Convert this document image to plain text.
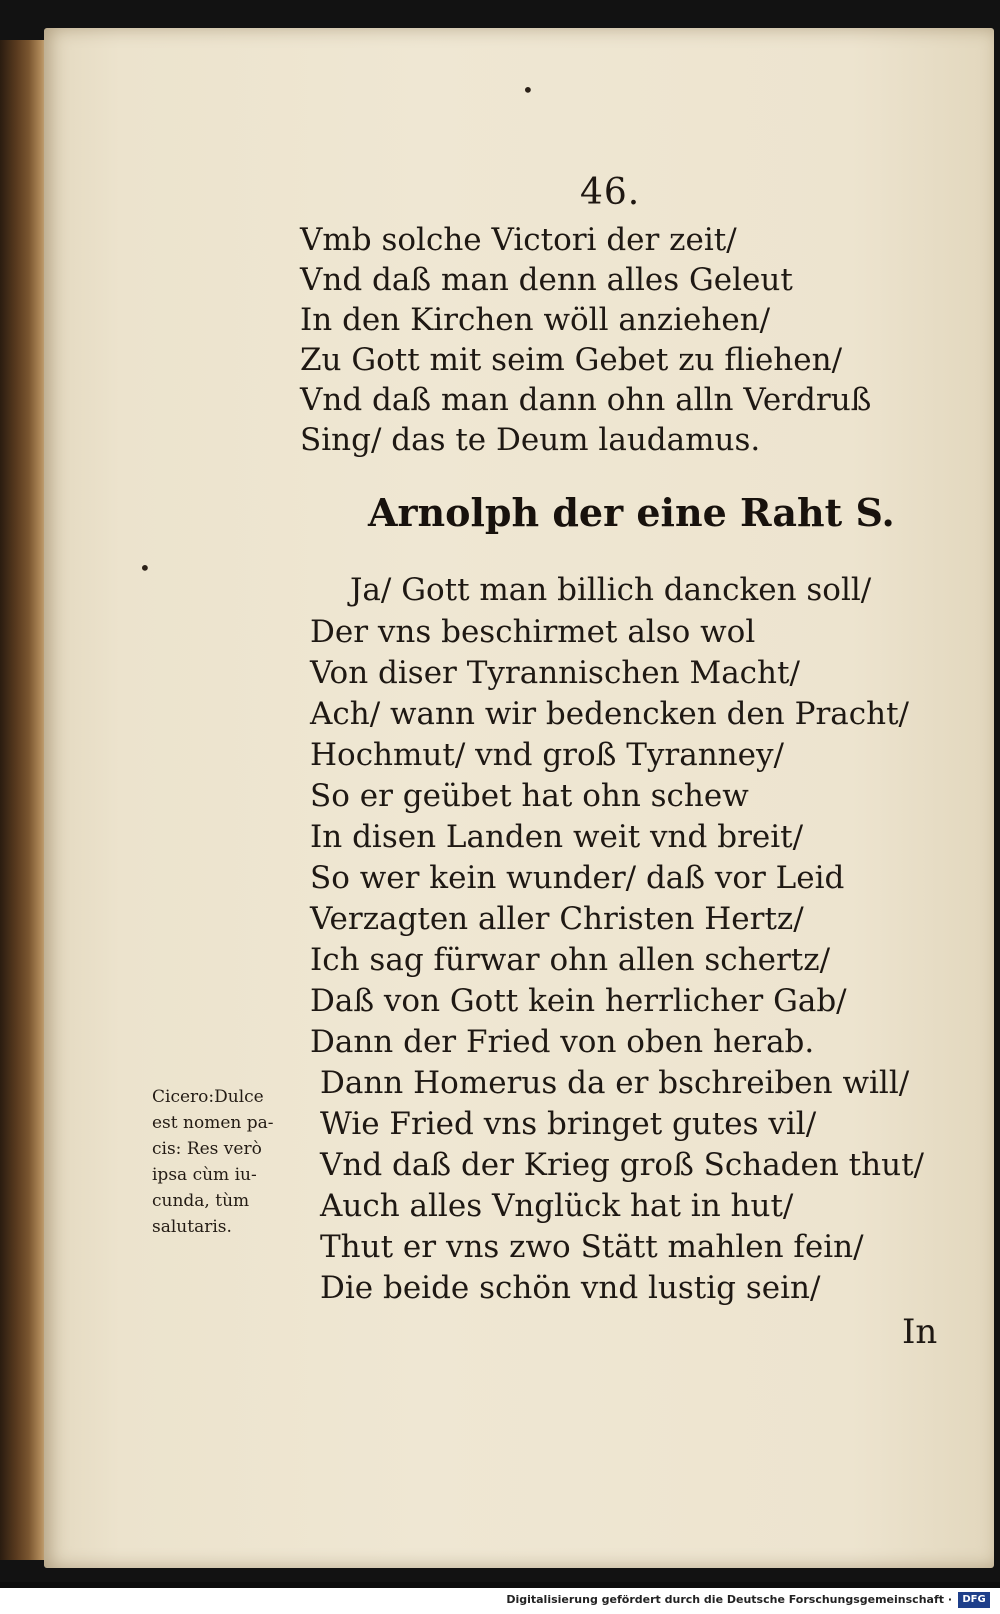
•
•
46.
Vmb solche Victori der zeit/
Vnd daß man denn alles Geleut
In den Kirchen wöll anziehen/
Zu Gott mit seim Gebet zu fliehen/
Vnd daß man dann ohn alln Verdruß
Sing/ das te Deum laudamus.
Arnolph der eine Raht S.
Ja/ Gott man billich dancken soll/
Der vns beschirmet also wol
Von diser Tyrannischen Macht/
Ach/ wann wir bedencken den Pracht/
Hochmut/ vnd groß Tyranney/
So er geübet hat ohn schew
In disen Landen weit vnd breit/
So wer kein wunder/ daß vor Leid
Verzagten aller Christen Hertz/
Ich sag fürwar ohn allen schertz/
Daß von Gott kein herrlicher Gab/
Dann der Fried von oben herab.
Dann Homerus da er bschreiben will/
Wie Fried vns bringet gutes vil/
Vnd daß der Krieg groß Schaden thut/
Auch alles Vnglück hat in hut/
Thut er vns zwo Stätt mahlen fein/
Die beide schön vnd lustig sein/
Cicero:Dulce
est nomen pa-
cis: Res verò
ipsa cùm iu-
cunda, tùm
salutaris.
In
Digitalisierung gefördert durch die Deutsche Forschungsgemeinschaft ·	DFG
